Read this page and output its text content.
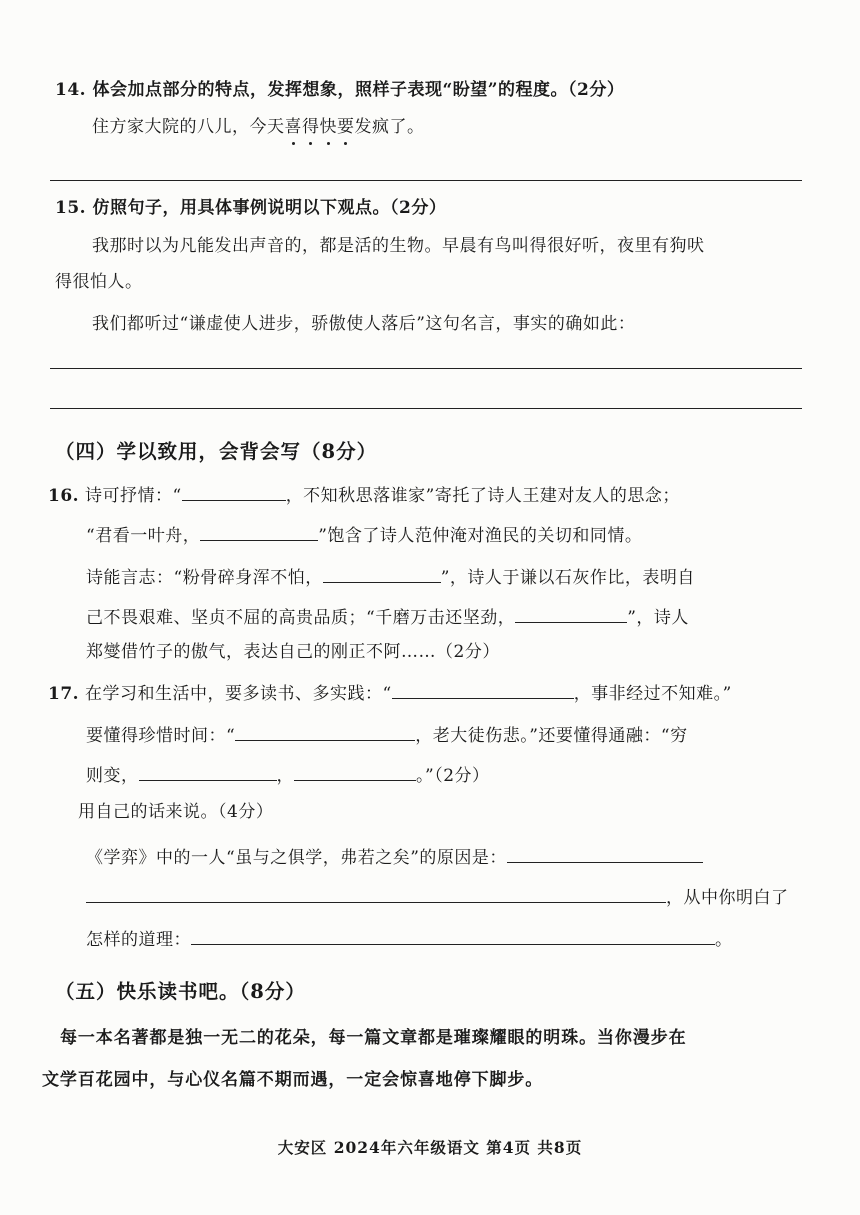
14. 体会加点部分的特点，发挥想象，照样子表现“盼望”的程度。（2分）
住方家大院的八儿，今天喜得快要发疯了。
15. 仿照句子，用具体事例说明以下观点。（2分）
我那时以为凡能发出声音的，都是活的生物。早晨有鸟叫得很好听，夜里有狗吠
得很怕人。
我们都听过“谦虚使人进步，骄傲使人落后”这句名言，事实的确如此：
（四）学以致用，会背会写（8分）
16. 诗可抒情：“	，不知秋思落谁家”寄托了诗人王建对友人的思念；
“君看一叶舟，	”饱含了诗人范仲淹对渔民的关切和同情。
诗能言志：“粉骨碎身浑不怕，	”，诗人于谦以石灰作比，表明自
己不畏艰难、坚贞不屈的高贵品质；“千磨万击还坚劲，	”，诗人
郑燮借竹子的傲气，表达自己的刚正不阿……（2分）
17. 在学习和生活中，要多读书、多实践：“	，事非经过不知难。”
要懂得珍惜时间：“	，老大徒伤悲。”还要懂得通融：“穷
则变，	，	。”（2分）
用自己的话来说。（4分）
《学弈》中的一人“虽与之俱学，弗若之矣”的原因是：
，从中你明白了
怎样的道理：	。
（五）快乐读书吧。（8分）
每一本名著都是独一无二的花朵，每一篇文章都是璀璨耀眼的明珠。当你漫步在
文学百花园中，与心仪名篇不期而遇，一定会惊喜地停下脚步。
大安区 2024年六年级语文 第4页 共8页
